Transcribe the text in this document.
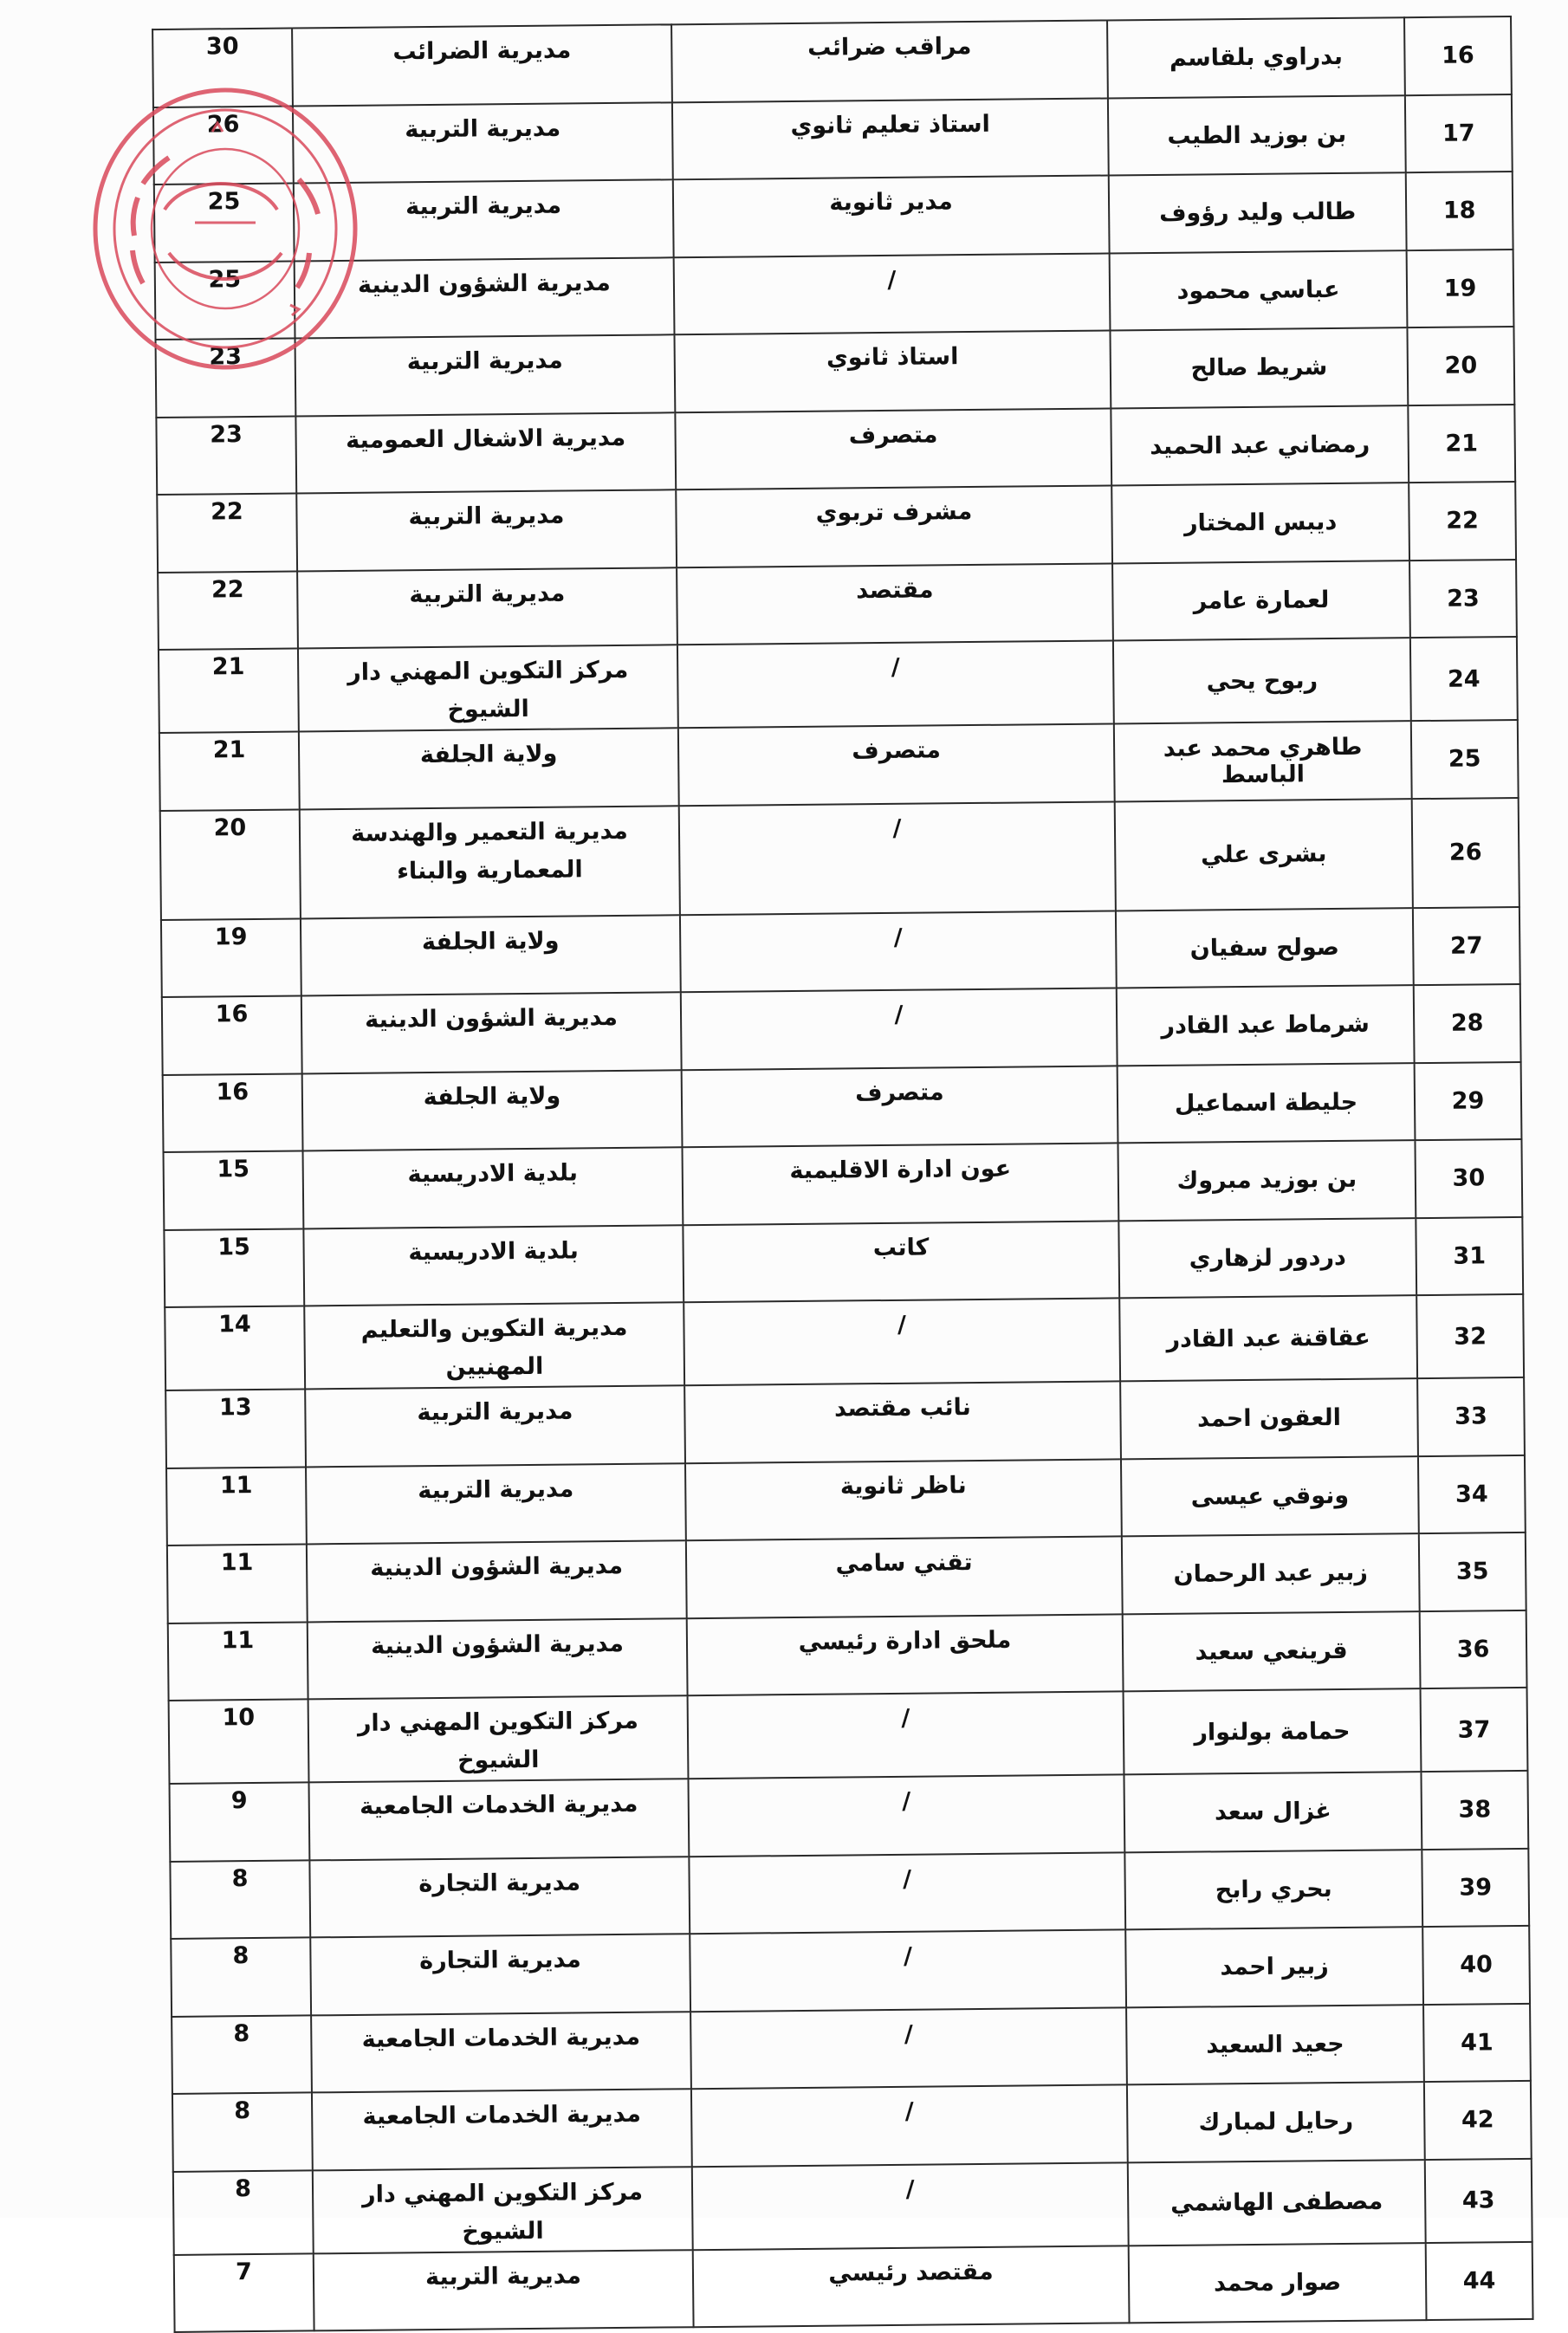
16	بدراوي بلقاسم	مراقب ضرائب	مديرية الضرائب	30
17	بن بوزيد الطيب	استاذ تعليم ثانوي	مديرية التربية	26
18	طالب وليد رؤوف	مدير ثانوية	مديرية التربية	25
19	عباسي محمود	/	مديرية الشؤون الدينية	25
20	شريط صالح	استاذ ثانوي	مديرية التربية	23
21	رمضاني عبد الحميد	متصرف	مديرية الاشغال العمومية	23
22	ديبس المختار	مشرف تربوي	مديرية التربية	22
23	لعمارة عامر	مقتصد	مديرية التربية	22
24	ربوح يحي	/	مركز التكوين المهني دار الشيوخ	21
25	طاهري محمد عبد الباسط	متصرف	ولاية الجلفة	21
26	بشرى علي	/	مديرية التعمير والهندسة المعمارية والبناء	20
27	صولح سفيان	/	ولاية الجلفة	19
28	شرماط عبد القادر	/	مديرية الشؤون الدينية	16
29	جليطة اسماعيل	متصرف	ولاية الجلفة	16
30	بن بوزيد مبروك	عون ادارة الاقليمية	بلدية الادريسية	15
31	دردور لزهاري	كاتب	بلدية الادريسية	15
32	عقاقنة عبد القادر	/	مديرية التكوين والتعليم المهنيين	14
33	العقون احمد	نائب مقتصد	مديرية التربية	13
34	ونوقي عيسى	ناظر ثانوية	مديرية التربية	11
35	زبير عبد الرحمان	تقني سامي	مديرية الشؤون الدينية	11
36	قرينعي سعيد	ملحق ادارة رئيسي	مديرية الشؤون الدينية	11
37	حمامة بولنوار	/	مركز التكوين المهني دار الشيوخ	10
38	غزال سعد	/	مديرية الخدمات الجامعية	9
39	بحري رابح	/	مديرية التجارة	8
40	زبير احمد	/	مديرية التجارة	8
41	جعيد السعيد	/	مديرية الخدمات الجامعية	8
42	رحايل لمبارك	/	مديرية الخدمات الجامعية	8
43	مصطفى الهاشمي	/	مركز التكوين المهني دار الشيوخ	8
44	صوار محمد	مقتصد رئيسي	مديرية التربية	7
